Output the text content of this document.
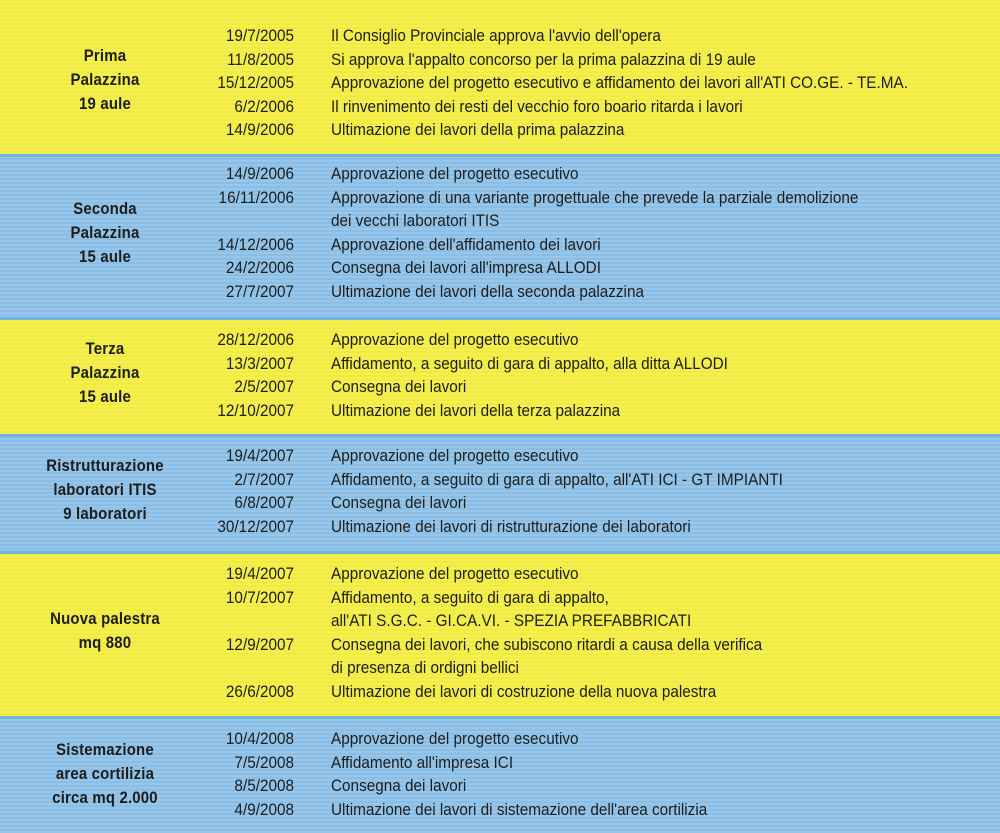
Prima
Palazzina
19 aule
19/7/2005 Il Consiglio Provinciale approva l'avvio dell'opera
11/8/2005 Si approva l'appalto concorso per la prima palazzina di 19 aule
15/12/2005 Approvazione del progetto esecutivo e affidamento dei lavori all'ATI CO.GE. - TE.MA.
6/2/2006 Il rinvenimento dei resti del vecchio foro boario ritarda i lavori
14/9/2006 Ultimazione dei lavori della prima palazzina
Seconda
Palazzina
15 aule
14/9/2006 Approvazione del progetto esecutivo
16/11/2006 Approvazione di una variante progettuale che prevede la parziale demolizione
dei vecchi laboratori ITIS
14/12/2006 Approvazione dell'affidamento dei lavori
24/2/2006 Consegna dei lavori all'impresa ALLODI
27/7/2007 Ultimazione dei lavori della seconda palazzina
Terza
Palazzina
15 aule
28/12/2006 Approvazione del progetto esecutivo
13/3/2007 Affidamento, a seguito di gara di appalto, alla ditta ALLODI
2/5/2007 Consegna dei lavori
12/10/2007 Ultimazione dei lavori della terza palazzina
Ristrutturazione
laboratori ITIS
9 laboratori
19/4/2007 Approvazione del progetto esecutivo
2/7/2007 Affidamento, a seguito di gara di appalto, all'ATI ICI - GT IMPIANTI
6/8/2007 Consegna dei lavori
30/12/2007 Ultimazione dei lavori di ristrutturazione dei laboratori
Nuova palestra
mq 880
19/4/2007 Approvazione del progetto esecutivo
10/7/2007 Affidamento, a seguito di gara di appalto,
all'ATI S.G.C. - GI.CA.VI. - SPEZIA PREFABBRICATI
12/9/2007 Consegna dei lavori, che subiscono ritardi a causa della verifica
di presenza di ordigni bellici
26/6/2008 Ultimazione dei lavori di costruzione della nuova palestra
Sistemazione
area cortilizia
circa mq 2.000
10/4/2008 Approvazione del progetto esecutivo
7/5/2008 Affidamento all'impresa ICI
8/5/2008 Consegna dei lavori
4/9/2008 Ultimazione dei lavori di sistemazione dell'area cortilizia
